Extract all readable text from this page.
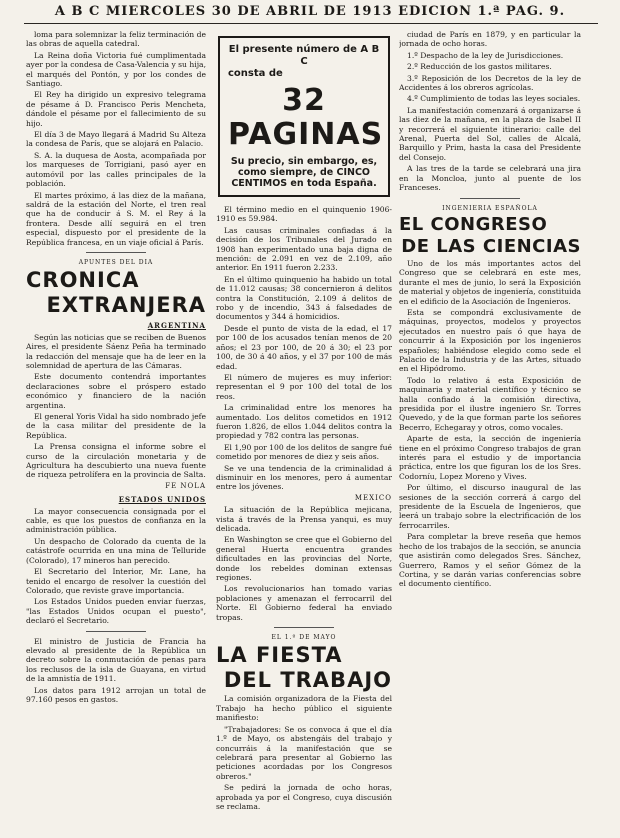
A B C MIERCOLES 30 DE ABRIL DE 1913 EDICION 1.ª PAG. 9.

loma para solemnizar la feliz terminación de las obras de aquella catedral.

La Reina doña Victoria fué cumplimentada ayer por la condesa de Casa-Valencia y su hija, el marqués del Pontón, y por los condes de Santiago.

El Rey ha dirigido un expresivo telegrama de pésame á D. Francisco Peris Mencheta, dándole el pésame por el fallecimiento de su hijo.

El día 3 de Mayo llegará á Madrid Su Alteza la condesa de París, que se alojará en Palacio.

S. A. la duquesa de Aosta, acompañada por los marqueses de Torrigiani, pasó ayer en automóvil por las calles principales de la población.

El martes próximo, á las diez de la mañana, saldrá de la estación del Norte, el tren real que ha de conducir á S. M. el Rey á la frontera. Desde allí seguirá en el tren especial, dispuesto por el presidente de la República francesa, en un viaje oficial á París.

APUNTES DEL DIA
CRONICA
EXTRANJERA
ARGENTINA

Según las noticias que se reciben de Buenos Aires, el presidente Sáenz Peña ha terminado la redacción del mensaje que ha de leer en la solemnidad de apertura de las Cámaras.

Este documento contendrá importantes declaraciones sobre el próspero estado económico y financiero de la nación argentina.

El general Yoris Vidal ha sido nombrado jefe de la casa militar del presidente de la República.

La Prensa consigna el informe sobre el curso de la circulación monetaria y de Agricultura ha descubierto una nueva fuente de riqueza petrolífera en la provincia de Salta.

FE NOLA
ESTADOS UNIDOS

La mayor consecuencia consignada por el cable, es que los puestos de confianza en la administración pública.

Un despacho de Colorado da cuenta de la catástrofe ocurrida en una mina de Telluride (Colorado), 17 mineros han perecido.

El Secretario del Interior, Mr. Lane, ha tenido el encargo de resolver la cuestión del Colorado, que reviste grave importancia.

Los Estados Unidos pueden enviar fuerzas, "las Estados Unidos ocupan el puesto", declaró el Secretario.

El ministro de Justicia de Francia ha elevado al presidente de la República un decreto sobre la conmutación de penas para los reclusos de la isla de Guayana, en virtud de la amnistía de 1911.

Los datos para 1912 arrojan un total de 97.160 pesos en gastos.

El presente número de A B C
consta de
32 PAGINAS
Su precio, sin embargo, es, como siempre, de CINCO CENTIMOS en toda España.

El término medio en el quinquenio 1906-1910 es 59.984.

Las causas criminales confiadas á la decisión de los Tribunales del Jurado en 1908 han experimentado una baja digna de mención: de 2.091 en vez de 2.109, año anterior. En 1911 fueron 2.233.

En el último quinquenio ha habido un total de 11.012 causas; 38 concernieron á delitos contra la Constitución, 2.109 á delitos de robo y de incendio, 343 á falsedades de documentos y 344 á homicidios.

Desde el punto de vista de la edad, el 17 por 100 de los acusados tenían menos de 20 años; el 23 por 100, de 20 á 30; el 23 por 100, de 30 á 40 años, y el 37 por 100 de más edad.

El número de mujeres es muy inferior: representan el 9 por 100 del total de los reos.

La criminalidad entre los menores ha aumentado. Los delitos cometidos en 1912 fueron 1.826, de ellos 1.044 delitos contra la propiedad y 782 contra las personas.

El 1,90 por 100 de los delitos de sangre fué cometido por menores de diez y seis años.

Se ve una tendencia de la criminalidad á disminuir en los menores, pero á aumentar entre los jóvenes.

MEXICO

La situación de la República mejicana, vista á través de la Prensa yanqui, es muy delicada.

En Washington se cree que el Gobierno del general Huerta encuentra grandes dificultades en las provincias del Norte, donde los rebeldes dominan extensas regiones.

Los revolucionarios han tomado varias poblaciones y amenazan el ferrocarril del Norte. El Gobierno federal ha enviado tropas.

EL 1.º DE MAYO
LA FIESTA
DEL TRABAJO

La comisión organizadora de la Fiesta del Trabajo ha hecho público el siguiente manifiesto:

"Trabajadores: Se os convoca á que el día 1.º de Mayo, os abstengáis del trabajo y concurráis á la manifestación que se celebrará para presentar al Gobierno las peticiones acordadas por los Congresos obreros."

Se pedirá la jornada de ocho horas, aprobada ya por el Congreso, cuya discusión se reclama.

ciudad de París en 1879, y en particular la jornada de ocho horas.

1.º Despacho de la ley de Jurisdicciones.

2.º Reducción de los gastos militares.

3.º Reposición de los Decretos de la ley de Accidentes á los obreros agrícolas.

4.º Cumplimiento de todas las leyes sociales.

La manifestación comenzará á organizarse á las diez de la mañana, en la plaza de Isabel II y recorrerá el siguiente itinerario: calle del Arenal, Puerta del Sol, calles de Alcalá, Barquillo y Prim, hasta la casa del Presidente del Consejo.

A las tres de la tarde se celebrará una jira en la Moncloa, junto al puente de los Franceses.

INGENIERIA ESPAÑOLA
EL CONGRESO
DE LAS CIENCIAS

Uno de los más importantes actos del Congreso que se celebrará en este mes, durante el mes de junio, lo será la Exposición de material y objetos de ingeniería, constituida en el edificio de la Asociación de Ingenieros.

Esta se compondrá exclusivamente de máquinas, proyectos, modelos y proyectos ejecutados en nuestro país ó que haya de concurrir á la Exposición por los ingenieros españoles; habiéndose elegido como sede el Palacio de la Industria y de las Artes, situado en el Hipódromo.

Todo lo relativo á esta Exposición de maquinaria y material científico y técnico se halla confiado á la comisión directiva, presidida por el ilustre ingeniero Sr. Torres Quevedo, y de la que forman parte los señores Becerro, Echegaray y otros, como vocales.

Aparte de esta, la sección de ingeniería tiene en el próximo Congreso trabajos de gran interés para el estudio y de importancia práctica, entre los que figuran los de los Sres. Codorníu, Lopez Moreno y Vives.

Por último, el discurso inaugural de las sesiones de la sección correrá á cargo del presidente de la Escuela de Ingenieros, que leerá un trabajo sobre la electrificación de los ferrocarriles.

Para completar la breve reseña que hemos hecho de los trabajos de la sección, se anuncia que asistirán como delegados Sres. Sánchez, Guerrero, Ramos y el señor Gómez de la Cortina, y se darán varias conferencias sobre el documento científico.
